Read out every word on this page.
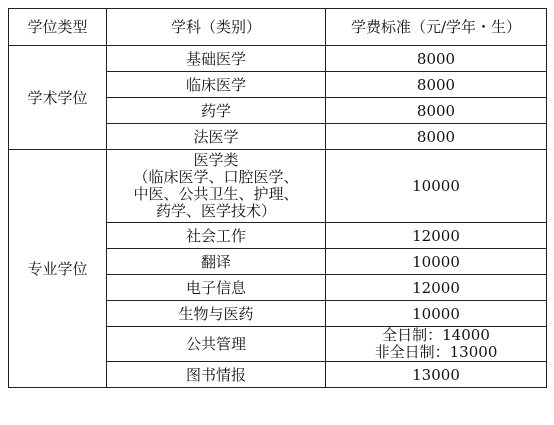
学位类型	学科（类别）	学费标准（元/学年・生）
学术学位	基础医学	8000
	临床医学	8000
	药学	8000
	法医学	8000
专业学位	医学类
（临床医学、口腔医学、
中医、公共卫生、护理、
药学、医学技术）	10000
	社会工作	12000
	翻译	10000
	电子信息	12000
	生物与医药	10000
	公共管理	全日制：14000
非全日制：13000

	图书情报	13000
